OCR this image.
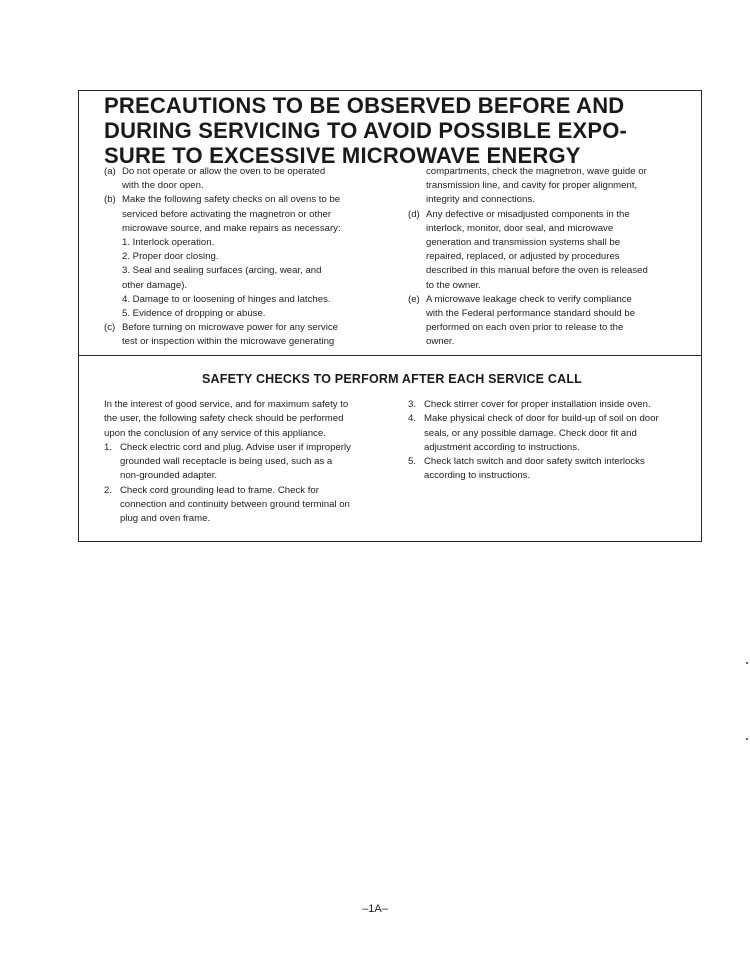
PRECAUTIONS TO BE OBSERVED BEFORE AND
DURING SERVICING TO AVOID POSSIBLE EXPO-
SURE TO EXCESSIVE MICROWAVE ENERGY
(a) Do not operate or allow the oven to be operated
with the door open.
(b) Make the following safety checks on all ovens to be
serviced before activating the magnetron or other
microwave source, and make repairs as necessary:
1. Interlock operation.
2. Proper door closing.
3. Seal and sealing surfaces (arcing, wear, and
other damage).
4. Damage to or loosening of hinges and latches.
5. Evidence of dropping or abuse.
(c) Before turning on microwave power for any service
test or inspection within the microwave generating
compartments, check the magnetron, wave guide or
transmission line, and cavity for proper alignment,
integrity and connections.
(d) Any defective or misadjusted components in the
interlock, monitor, door seal, and microwave
generation and transmission systems shall be
repaired, replaced, or adjusted by procedures
described in this manual before the oven is released
to the owner.
(e) A microwave leakage check to verify compliance
with the Federal performance standard should be
performed on each oven prior to release to the
owner.
SAFETY CHECKS TO PERFORM AFTER EACH SERVICE CALL
In the interest of good service, and for maximum safety to
the user, the following safety check should be performed
upon the conclusion of any service of this appliance.
1. Check electric cord and plug. Advise user if improperly
grounded wall receptacle is being used, such as a
non-grounded adapter.
2. Check cord grounding lead to frame. Check for
connection and continuity between ground terminal on
plug and oven frame.
3. Check stirrer cover for proper installation inside oven.
4. Make physical check of door for build-up of soil on door
seals, or any possible damage. Check door fit and
adjustment according to instructions.
5. Check latch switch and door safety switch interlocks
according to instructions.
–1A–
